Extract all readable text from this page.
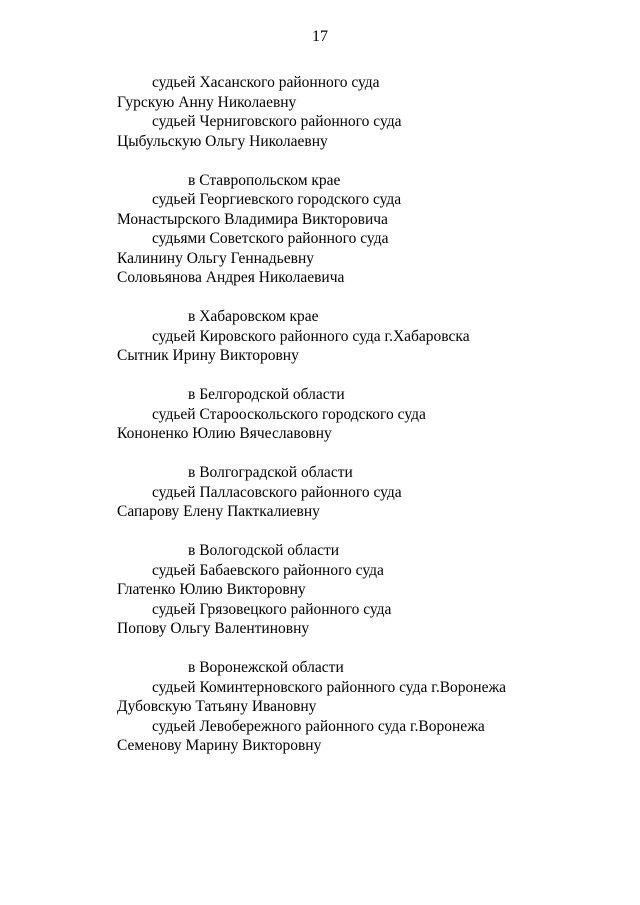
17
судьей Хасанского районного суда
Гурскую Анну Николаевну
судьей Черниговского районного суда
Цыбульскую Ольгу Николаевну
в Ставропольском крае
судьей Георгиевского городского суда
Монастырского Владимира Викторовича
судьями Советского районного суда
Калинину Ольгу Геннадьевну
Соловьянова Андрея Николаевича
в Хабаровском крае
судьей Кировского районного суда г.Хабаровска
Сытник Ирину Викторовну
в Белгородской области
судьей Старооскольского городского суда
Кононенко Юлию Вячеславовну
в Волгоградской области
судьей Палласовского районного суда
Сапарову Елену Пакткалиевну
в Вологодской области
судьей Бабаевского районного суда
Глатенко Юлию Викторовну
судьей Грязовецкого районного суда
Попову Ольгу Валентиновну
в Воронежской области
судьей Коминтерновского районного суда г.Воронежа
Дубовскую Татьяну Ивановну
судьей Левобережного районного суда г.Воронежа
Семенову Марину Викторовну
